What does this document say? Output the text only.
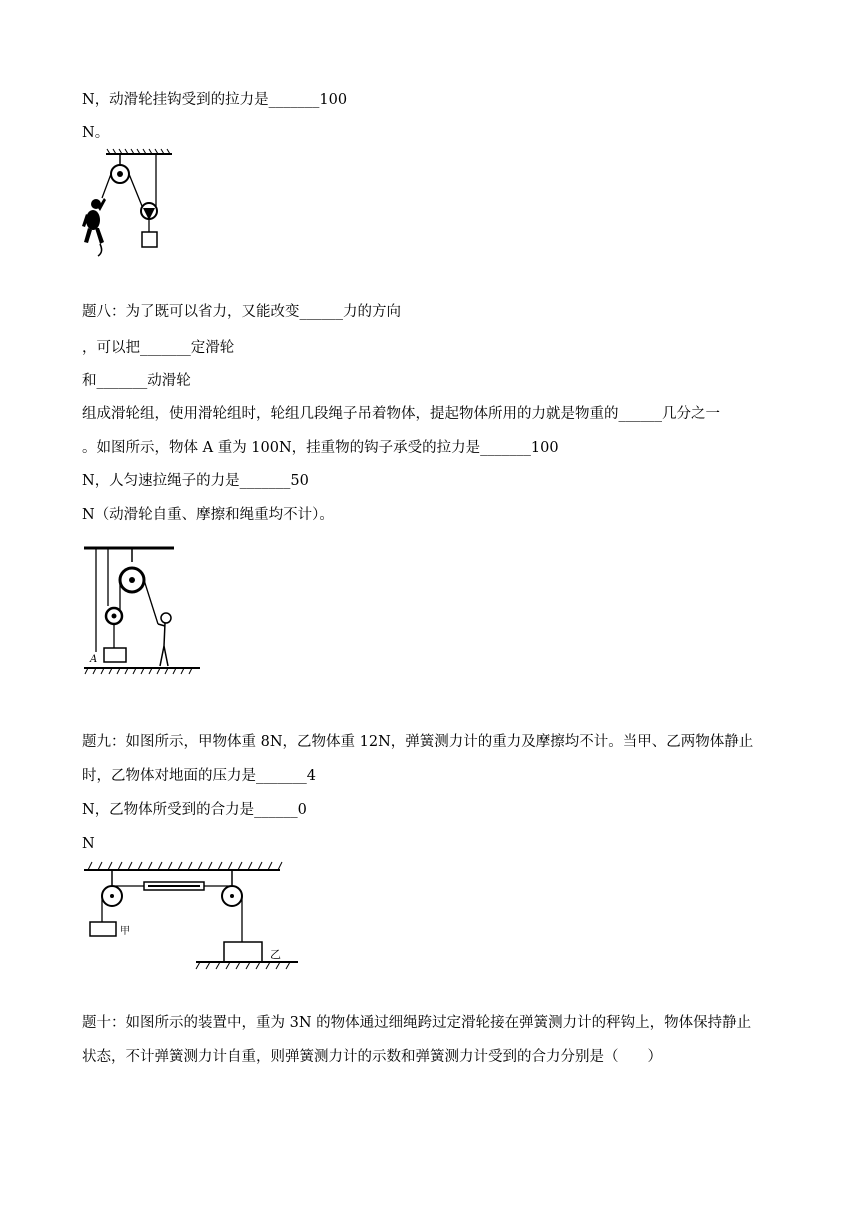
N，动滑轮挂钩受到的拉力是_______100
N。
题八：为了既可以省力，又能改变______力的方向
，可以把_______定滑轮
和_______动滑轮
组成滑轮组，使用滑轮组时，轮组几段绳子吊着物体，提起物体所用的力就是物重的______几分之一
。如图所示，物体 A 重为 100N，挂重物的钩子承受的拉力是_______100
N，人匀速拉绳子的力是_______50
N（动滑轮自重、摩擦和绳重均不计）。
A
题九：如图所示，甲物体重 8N，乙物体重 12N，弹簧测力计的重力及摩擦均不计。当甲、乙两物体静止
时，乙物体对地面的压力是_______4
N，乙物体所受到的合力是______0
N
甲
乙
题十：如图所示的装置中，重为 3N 的物体通过细绳跨过定滑轮接在弹簧测力计的秤钩上，物体保持静止
状态，不计弹簧测力计自重，则弹簧测力计的示数和弹簧测力计受到的合力分别是（　　）
